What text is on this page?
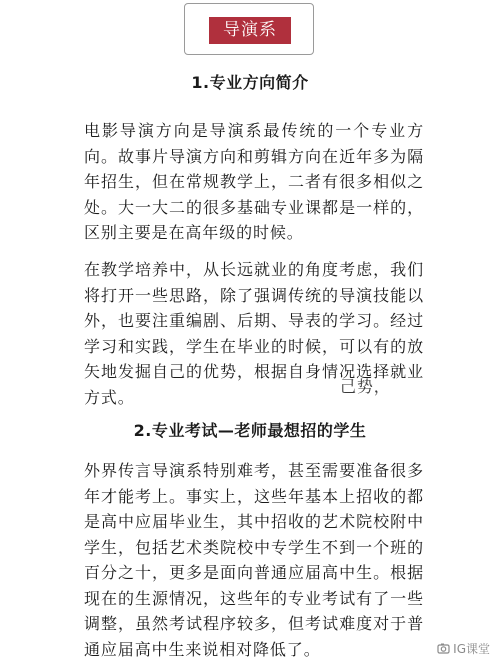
导演系
1.专业方向简介

电影导演方向是导演系最传统的一个专业方向。故事片导演方向和剪辑方向在近年多为隔年招生，但在常规教学上，二者有很多相似之处。大一大二的很多基础专业课都是一样的，区别主要是在高年级的时候。

在教学培养中，从长远就业的角度考虑，我们将打开一些思路，除了强调传统的导演技能以外，也要注重编剧、后期、导表的学习。经过学习和实践，学生在毕业的时候，可以有的放矢地发掘自己的优势，根据自身情况选择就业方式。

己势，
2.专业考试—老师最想招的学生

外界传言导演系特别难考，甚至需要准备很多年才能考上。事实上，这些年基本上招收的都是高中应届毕业生，其中招收的艺术院校附中学生，包括艺术类院校中专学生不到一个班的百分之十，更多是面向普通应届高中生。根据现在的生源情况，这些年的专业考试有了一些调整，虽然考试程序较多，但考试难度对于普通应届高中生来说相对降低了。	IG课堂
